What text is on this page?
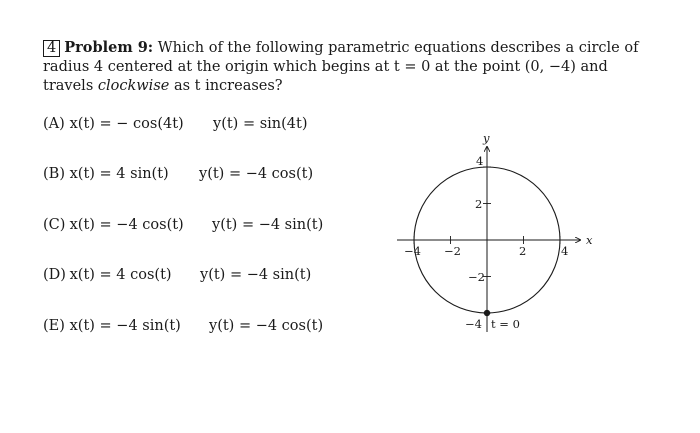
4 Problem 9: Which of the following parametric equations describes a circle of radius 4 centered at the origin which begins at t = 0 at the point (0, −4) and travels clockwise as t increases?
(A) x(t) = − cos(4t) y(t) = sin(4t)
(B) x(t) = 4 sin(t) y(t) = −4 cos(t)
(C) x(t) = −4 cos(t) y(t) = −4 sin(t)
(D) x(t) = 4 cos(t) y(t) = −4 sin(t)
(E) x(t) = −4 sin(t) y(t) = −4 cos(t)
y
x
−4 −2	2	4
4
2
−2
−4 t = 0
